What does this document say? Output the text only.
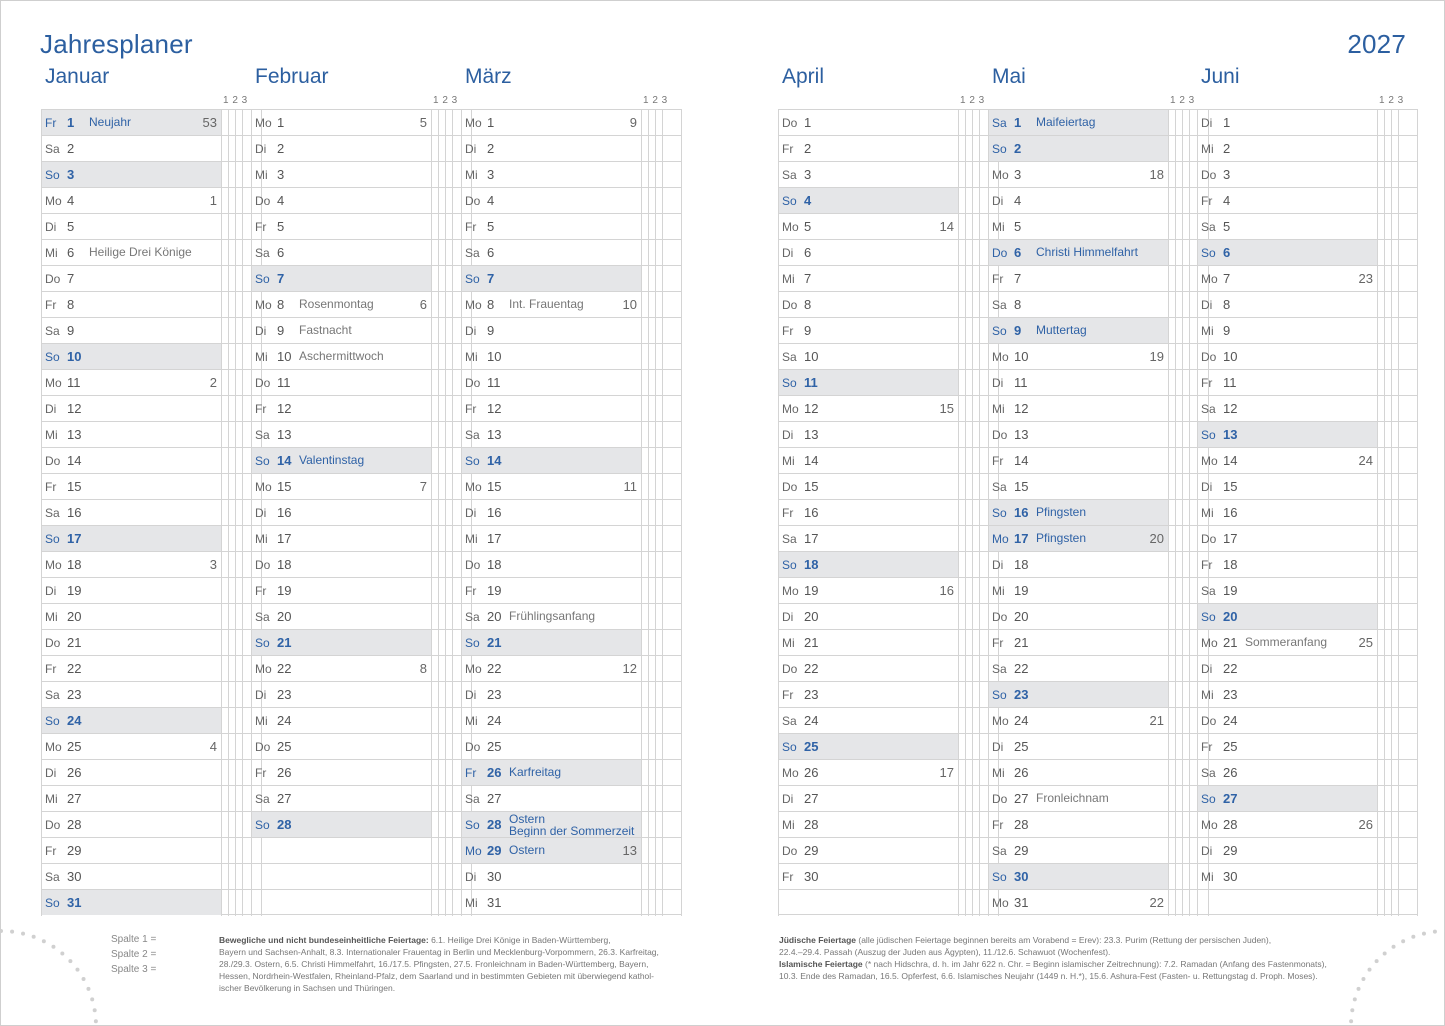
Jahresplaner	2027
Januar
1 2 3
Fr 1 Neujahr	53
Sa 2
So 3
Mo 4	1
Di 5
Mi 6 Heilige Drei Könige
Do 7
Fr 8
Sa 9
So 10
Mo 11	2
Di 12
Mi 13
Do 14
Fr 15
Sa 16
So 17
Mo 18	3
Di 19
Mi 20
Do 21
Fr 22
Sa 23
So 24
Mo 25	4
Di 26
Mi 27
Do 28
Fr 29
Sa 30
So 31
Februar
1 2 3
Mo 1	5
Di 2
Mi 3
Do 4
Fr 5
Sa 6
So 7
Mo 8 Rosenmontag	6
Di 9 Fastnacht
Mi 10 Aschermittwoch
Do 11
Fr 12
Sa 13
So 14 Valentinstag
Mo 15	7
Di 16
Mi 17
Do 18
Fr 19
Sa 20
So 21
Mo 22	8
Di 23
Mi 24
Do 25
Fr 26
Sa 27
So 28
März
1 2 3
Mo 1	9
Di 2
Mi 3
Do 4
Fr 5
Sa 6
So 7
Mo 8 Int. Frauentag	10
Di 9
Mi 10
Do 11
Fr 12
Sa 13
So 14
Mo 15	11
Di 16
Mi 17
Do 18
Fr 19
Sa 20 Frühlingsanfang
So 21
Mo 22	12
Di 23
Mi 24
Do 25
Fr 26 Karfreitag
Sa 27
So 28 Ostern
Beginn der Sommerzeit
Mo 29 Ostern	13
Di 30
Mi 31
April
1 2 3
Do 1
Fr 2
Sa 3
So 4
Mo 5	14
Di 6
Mi 7
Do 8
Fr 9
Sa 10
So 11
Mo 12	15
Di 13
Mi 14
Do 15
Fr 16
Sa 17
So 18
Mo 19	16
Di 20
Mi 21
Do 22
Fr 23
Sa 24
So 25
Mo 26	17
Di 27
Mi 28
Do 29
Fr 30
Mai
1 2 3
Sa 1 Maifeiertag
So 2
Mo 3	18
Di 4
Mi 5
Do 6 Christi Himmelfahrt
Fr 7
Sa 8
So 9 Muttertag
Mo 10	19
Di 11
Mi 12
Do 13
Fr 14
Sa 15
So 16 Pfingsten
Mo 17 Pfingsten	20
Di 18
Mi 19
Do 20
Fr 21
Sa 22
So 23
Mo 24	21
Di 25
Mi 26
Do 27 Fronleichnam
Fr 28
Sa 29
So 30
Mo 31	22
Juni
1 2 3
Di 1
Mi 2
Do 3
Fr 4
Sa 5
So 6
Mo 7	23
Di 8
Mi 9
Do 10
Fr 11
Sa 12
So 13
Mo 14	24
Di 15
Mi 16
Do 17
Fr 18
Sa 19
So 20
Mo 21 Sommeranfang 25
Di 22
Mi 23
Do 24
Fr 25
Sa 26
So 27
Mo 28	26
Di 29
Mi 30
Spalte 1 =
Spalte 2 =
Spalte 3 =
Bewegliche und nicht bundeseinheitliche Feiertage: 6.1. Heilige Drei Könige in Baden-Württemberg,
Bayern und Sachsen-Anhalt, 8.3. Internationaler Frauentag in Berlin und Mecklenburg-Vorpommern, 26.3. Karfreitag,
28./29.3. Ostern, 6.5. Christi Himmelfahrt, 16./17.5. Pfingsten, 27.5. Fronleichnam in Baden-Württemberg, Bayern,
Hessen, Nordrhein-Westfalen, Rheinland-Pfalz, dem Saarland und in bestimmten Gebieten mit überwiegend kathol-
ischer Bevölkerung in Sachsen und Thüringen.
Jüdische Feiertage (alle jüdischen Feiertage beginnen bereits am Vorabend = Erev): 23.3. Purim (Rettung der persischen Juden),
22.4.–29.4. Passah (Auszug der Juden aus Ägypten), 11./12.6. Schawuot (Wochenfest).
Islamische Feiertage (* nach Hidschra, d. h. im Jahr 622 n. Chr. = Beginn islamischer Zeitrechnung): 7.2. Ramadan (Anfang des Fastenmonats),
10.3. Ende des Ramadan, 16.5. Opferfest, 6.6. Islamisches Neujahr (1449 n. H.*), 15.6. Ashura-Fest (Fasten- u. Rettungstag d. Proph. Moses).
